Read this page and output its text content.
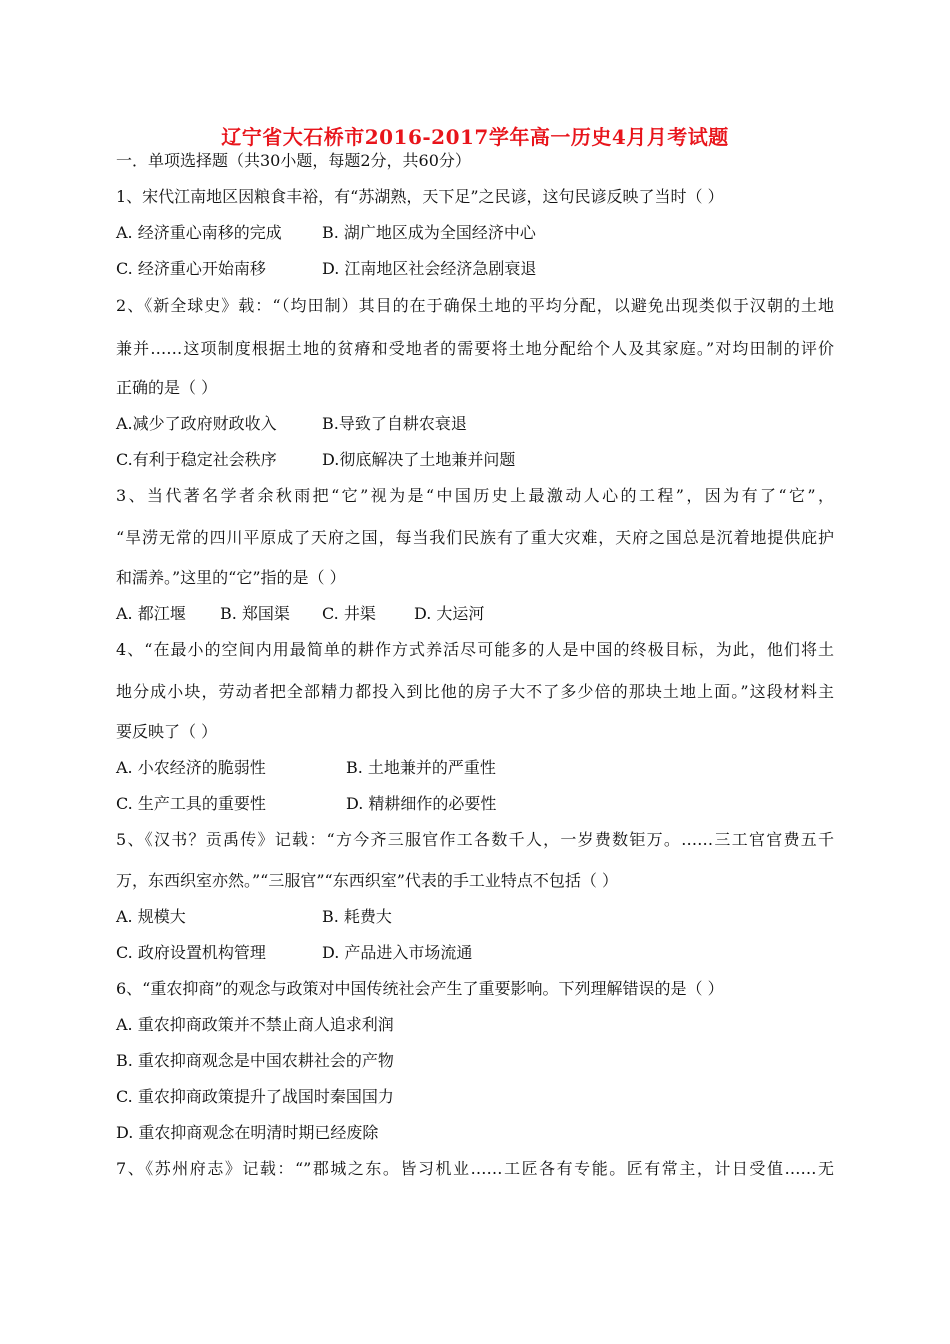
辽宁省大石桥市2016-2017学年高一历史4月月考试题
一．单项选择题（共30小题，每题2分，共60分）
1、宋代江南地区因粮食丰裕，有“苏湖熟，天下足”之民谚，这句民谚反映了当时（ ）
A. 经济重心南移的完成	B. 湖广地区成为全国经济中心
C. 经济重心开始南移	D. 江南地区社会经济急剧衰退
2、《新全球史》载：“（均田制）其目的在于确保土地的平均分配，以避免出现类似于汉朝的土地
兼并……这项制度根据土地的贫瘠和受地者的需要将土地分配给个人及其家庭。”对均田制的评价
正确的是（ ）
A.减少了政府财政收入	B.导致了自耕农衰退
C.有利于稳定社会秩序	D.彻底解决了土地兼并问题
3、当代著名学者余秋雨把“它”视为是“中国历史上最激动人心的工程”，因为有了“它”，
“旱涝无常的四川平原成了天府之国，每当我们民族有了重大灾难，天府之国总是沉着地提供庇护
和濡养。”这里的“它”指的是（ ）
A. 都江堰 B. 郑国渠 C. 井渠 D. 大运河
4、“在最小的空间内用最简单的耕作方式养活尽可能多的人是中国的终极目标，为此，他们将土
地分成小块，劳动者把全部精力都投入到比他的房子大不了多少倍的那块土地上面。”这段材料主
要反映了（ ）
A. 小农经济的脆弱性	B. 土地兼并的严重性
C. 生产工具的重要性	D. 精耕细作的必要性
5、《汉书？贡禹传》记载：“方今齐三服官作工各数千人，一岁费数钜万。……三工官官费五千
万，东西织室亦然。”“三服官”“东西织室”代表的手工业特点不包括（ ）
A. 规模大	B. 耗费大
C. 政府设置机构管理	D. 产品进入市场流通
6、“重农抑商”的观念与政策对中国传统社会产生了重要影响。下列理解错误的是（ ）
A. 重农抑商政策并不禁止商人追求利润
B. 重农抑商观念是中国农耕社会的产物
C. 重农抑商政策提升了战国时秦国国力
D. 重农抑商观念在明清时期已经废除
7、《苏州府志》记载：“”郡城之东。皆习机业……工匠各有专能。匠有常主，计日受值……无
